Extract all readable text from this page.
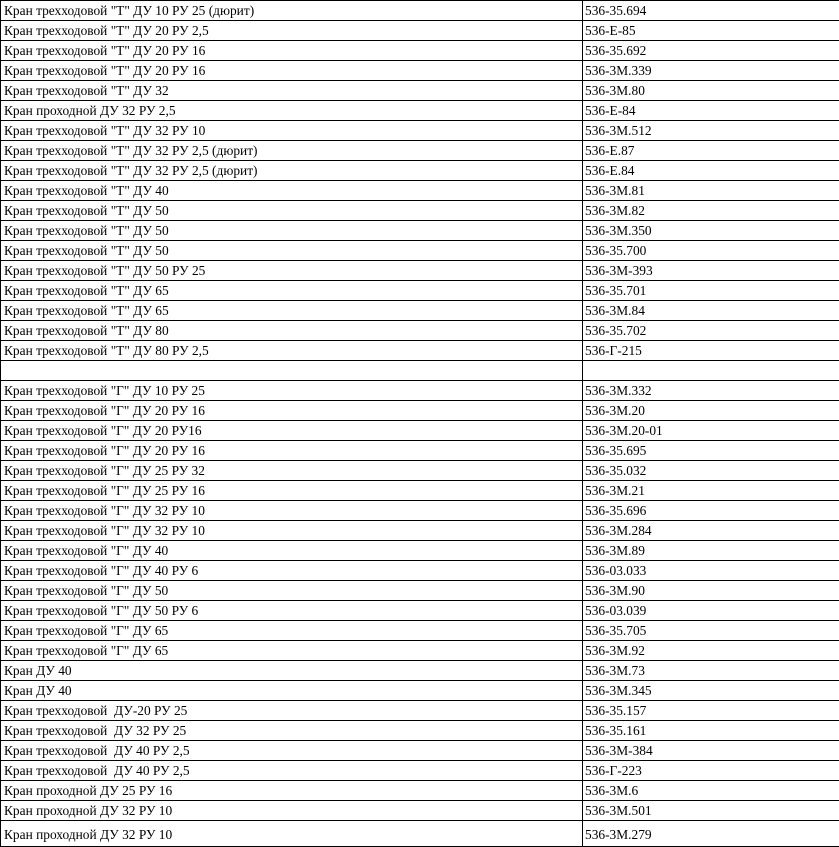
Кран трехходовой "Т" ДУ 10 РУ 25 (дюрит)	536-35.694
Кран трехходовой "Т" ДУ 20 РУ 2,5	536-Е-85
Кран трехходовой "Т" ДУ 20 РУ 16	536-35.692
Кран трехходовой "Т" ДУ 20 РУ 16	536-3М.339
Кран трехходовой "Т" ДУ 32	536-3М.80
Кран проходной ДУ 32 РУ 2,5	536-Е-84
Кран трехходовой "Т" ДУ 32 РУ 10	536-3М.512
Кран трехходовой "Т" ДУ 32 РУ 2,5 (дюрит)	536-Е.87
Кран трехходовой "Т" ДУ 32 РУ 2,5 (дюрит)	536-Е.84
Кран трехходовой "Т" ДУ 40	536-3М.81
Кран трехходовой "Т" ДУ 50	536-3М.82
Кран трехходовой "Т" ДУ 50	536-3М.350
Кран трехходовой "Т" ДУ 50	536-35.700
Кран трехходовой "Т" ДУ 50 РУ 25	536-3М-393
Кран трехходовой "Т" ДУ 65	536-35.701
Кран трехходовой "Т" ДУ 65	536-3М.84
Кран трехходовой "Т" ДУ 80	536-35.702
Кран трехходовой "Т" ДУ 80 РУ 2,5	536-Г-215

Кран трехходовой "Г" ДУ 10 РУ 25	536-3М.332
Кран трехходовой "Г" ДУ 20 РУ 16	536-3М.20
Кран трехходовой "Г" ДУ 20 РУ16	536-3М.20-01
Кран трехходовой "Г" ДУ 20 РУ 16	536-35.695
Кран трехходовой "Г" ДУ 25 РУ 32	536-35.032
Кран трехходовой "Г" ДУ 25 РУ 16	536-3М.21
Кран трехходовой "Г" ДУ 32 РУ 10	536-35.696
Кран трехходовой "Г" ДУ 32 РУ 10	536-3М.284
Кран трехходовой "Г" ДУ 40	536-3М.89
Кран трехходовой "Г" ДУ 40 РУ 6	536-03.033
Кран трехходовой "Г" ДУ 50	536-3М.90
Кран трехходовой "Г" ДУ 50 РУ 6	536-03.039
Кран трехходовой "Г" ДУ 65	536-35.705
Кран трехходовой "Г" ДУ 65	536-3М.92
Кран ДУ 40	536-3М.73
Кран ДУ 40	536-3М.345
Кран трехходовой  ДУ-20 РУ 25	536-35.157
Кран трехходовой  ДУ 32 РУ 25	536-35.161
Кран трехходовой  ДУ 40 РУ 2,5	536-3М-384
Кран трехходовой  ДУ 40 РУ 2,5	536-Г-223
Кран проходной ДУ 25 РУ 16	536-3М.6
Кран проходной ДУ 32 РУ 10	536-3М.501
Кран проходной ДУ 32 РУ 10	536-3М.279
